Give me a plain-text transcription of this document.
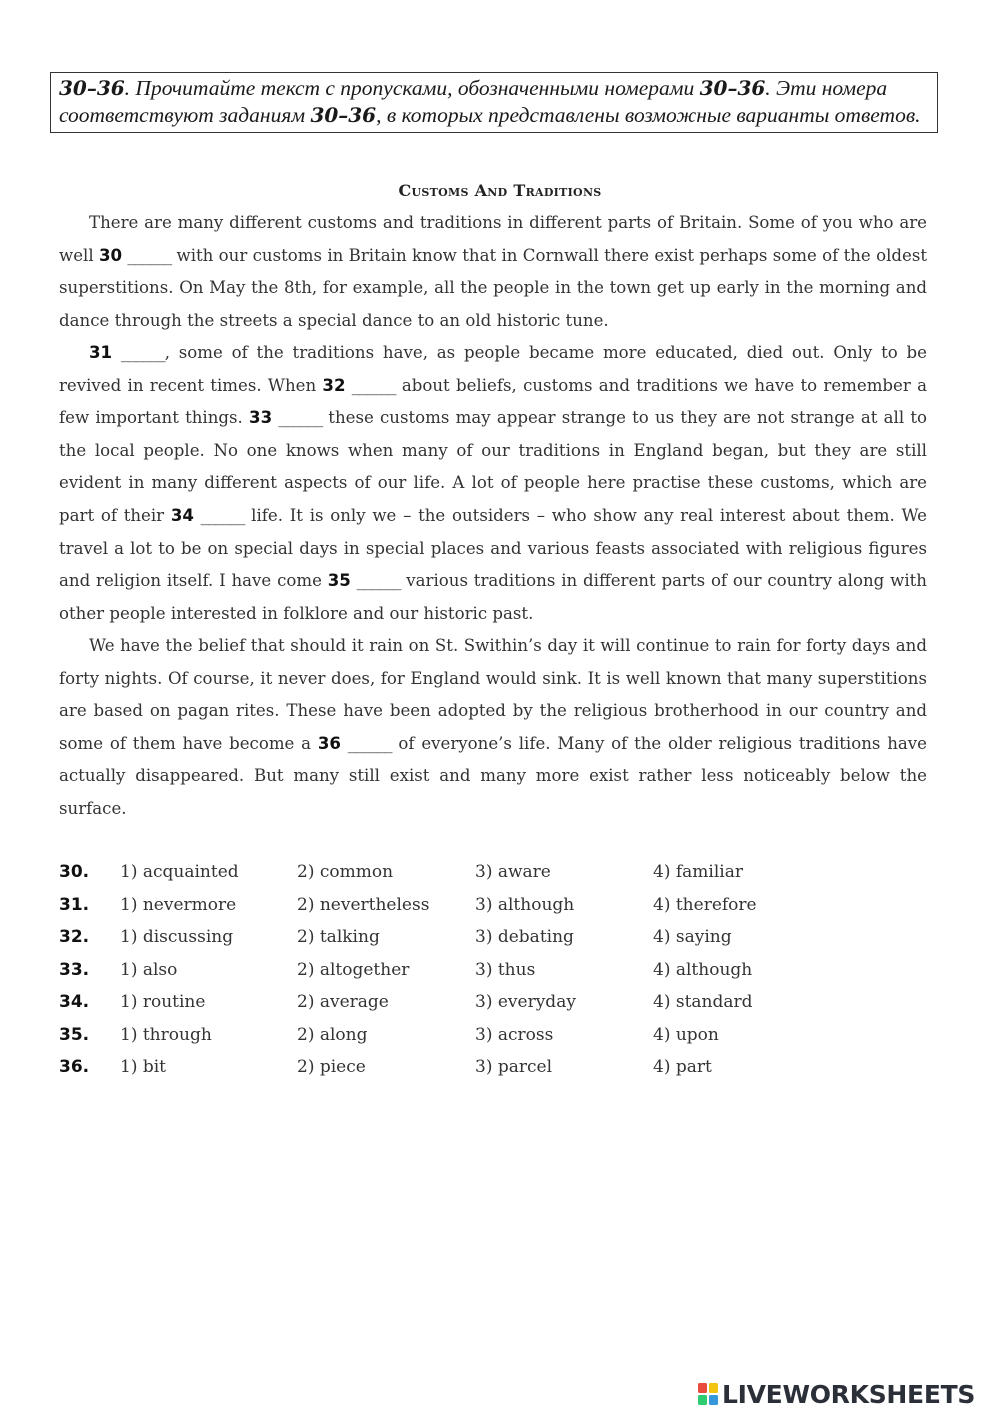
30–36. Прочитайте текст с пропусками, обозначенными номерами 30–36. Эти номера соответствуют заданиям 30–36, в которых представлены возможные варианты ответов.
Customs And Traditions
There are many different customs and traditions in different parts of Britain. Some of you who are well 30 ______ with our customs in Britain know that in Cornwall there exist perhaps some of the oldest superstitions. On May the 8th, for example, all the people in the town get up early in the morning and dance through the streets a special dance to an old historic tune.
31 ______, some of the traditions have, as people became more educated, died out. Only to be revived in recent times. When 32 ______ about beliefs, customs and traditions we have to remember a few important things. 33 ______ these customs may appear strange to us they are not strange at all to the local people. No one knows when many of our traditions in England began, but they are still evident in many different aspects of our life. A lot of people here practise these customs, which are part of their 34 ______ life. It is only we – the outsiders – who show any real interest about them. We travel a lot to be on special days in special places and various feasts associated with religious figures and religion itself. I have come 35 ______ various traditions in different parts of our country along with other people interested in folklore and our historic past.
We have the belief that should it rain on St. Swithin’s day it will continue to rain for forty days and forty nights. Of course, it never does, for England would sink. It is well known that many superstitions are based on pagan rites. These have been adopted by the religious brotherhood in our country and some of them have become a 36 ______ of everyone’s life. Many of the older religious traditions have actually disappeared. But many still exist and many more exist rather less noticeably below the surface.
30. 1) acquainted	2) common	3) aware	4) familiar
31. 1) nevermore	2) nevertheless	3) although	4) therefore
32. 1) discussing	2) talking	3) debating	4) saying
33. 1) also	2) altogether	3) thus	4) although
34. 1) routine	2) average	3) everyday	4) standard
35. 1) through	2) along	3) across	4) upon
36. 1) bit	2) piece	3) parcel	4) part
LIVEWORKSHEETS
